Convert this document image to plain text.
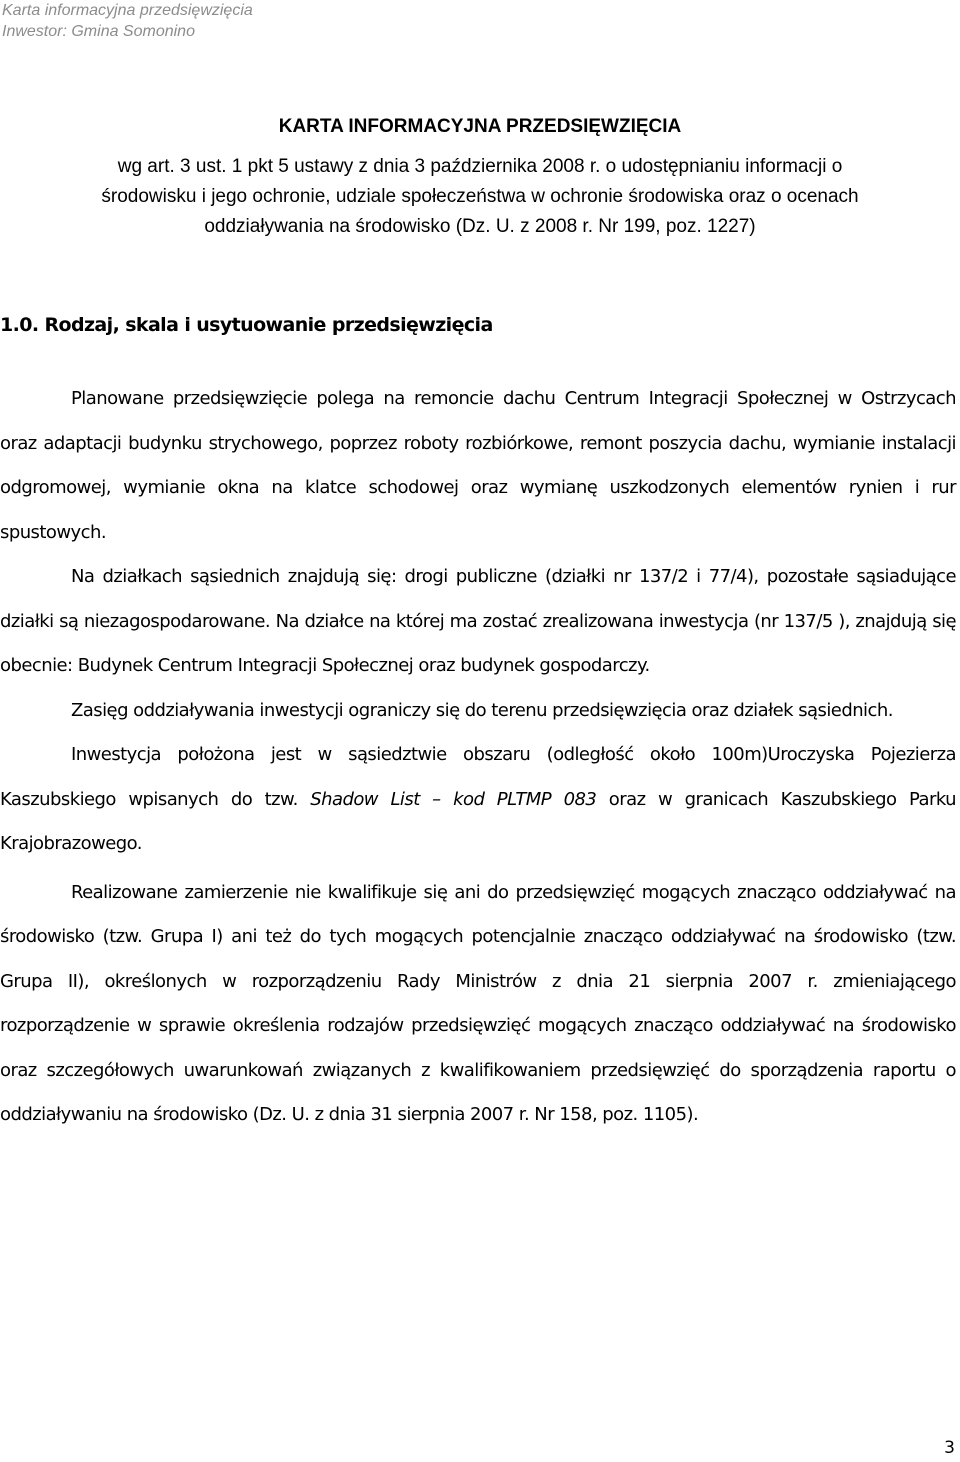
Karta informacyjna przedsięwzięcia
Inwestor: Gmina Somonino
KARTA INFORMACYJNA PRZEDSIĘWZIĘCIA
wg art. 3 ust. 1 pkt 5 ustawy z dnia 3 października 2008 r. o udostępnianiu informacji o
środowisku i jego ochronie, udziale społeczeństwa w ochronie środowiska oraz o ocenach
oddziaływania na środowisko (Dz. U. z 2008 r. Nr 199, poz. 1227)
1.0. Rodzaj, skala i usytuowanie przedsięwzięcia

Planowane przedsięwzięcie polega na remoncie dachu Centrum Integracji Społecznej w Ostrzycach oraz adaptacji budynku strychowego, poprzez roboty rozbiórkowe, remont poszycia dachu, wymianie instalacji odgromowej, wymianie okna na klatce schodowej oraz wymianę uszkodzonych elementów rynien i rur spustowych.

Na działkach sąsiednich znajdują się: drogi publiczne (działki nr 137/2 i 77/4), pozostałe sąsiadujące działki są niezagospodarowane. Na działce na której ma zostać zrealizowana inwestycja (nr 137/5 ), znajdują się obecnie: Budynek Centrum Integracji Społecznej oraz budynek gospodarczy.

Zasięg oddziaływania inwestycji ograniczy się do terenu przedsięwzięcia oraz działek sąsiednich.

Inwestycja położona jest w sąsiedztwie obszaru (odległość około 100m)Uroczyska Pojezierza Kaszubskiego wpisanych do tzw. Shadow List – kod PLTMP 083 oraz w granicach Kaszubskiego Parku Krajobrazowego.

Realizowane zamierzenie nie kwalifikuje się ani do przedsięwzięć mogących znacząco oddziaływać na środowisko (tzw. Grupa I) ani też do tych mogących potencjalnie znacząco oddziaływać na środowisko (tzw. Grupa II), określonych w rozporządzeniu Rady Ministrów z dnia 21 sierpnia 2007 r. zmieniającego rozporządzenie w sprawie określenia rodzajów przedsięwzięć mogących znacząco oddziaływać na środowisko oraz szczegółowych uwarunkowań związanych z kwalifikowaniem przedsięwzięć do sporządzenia raportu o oddziaływaniu na środowisko (Dz. U. z dnia 31 sierpnia 2007 r. Nr 158, poz. 1105).

3
